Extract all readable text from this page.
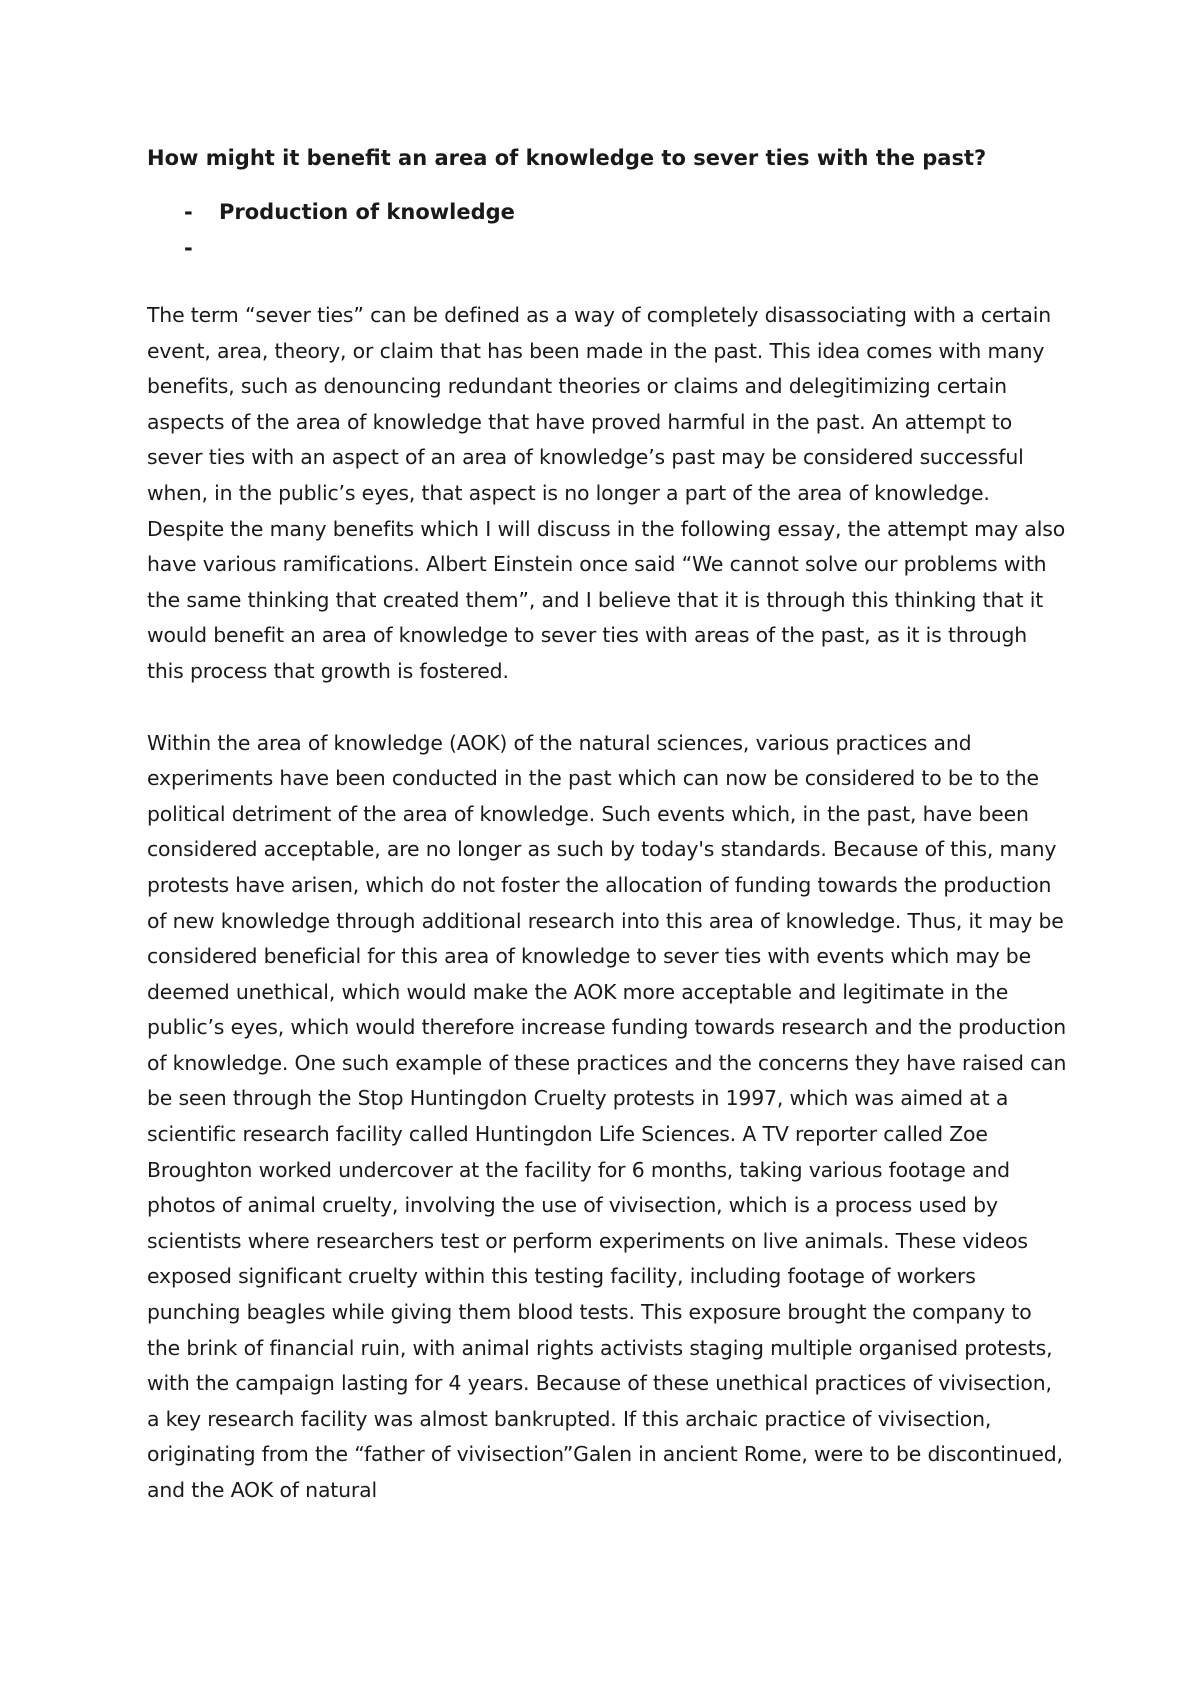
How might it benefit an area of knowledge to sever ties with the past?
- Production of knowledge
-

The term “sever ties” can be defined as a way of completely disassociating with a certain event, area, theory, or claim that has been made in the past. This idea comes with many benefits, such as denouncing redundant theories or claims and delegitimizing certain aspects of the area of knowledge that have proved harmful in the past. An attempt to sever ties with an aspect of an area of knowledge’s past may be considered successful when, in the public’s eyes, that aspect is no longer a part of the area of knowledge. Despite the many benefits which I will discuss in the following essay, the attempt may also have various ramifications. Albert Einstein once said “We cannot solve our problems with the same thinking that created them”, and I believe that it is through this thinking that it would benefit an area of knowledge to sever ties with areas of the past, as it is through this process that growth is fostered.

Within the area of knowledge (AOK) of the natural sciences, various practices and experiments have been conducted in the past which can now be considered to be to the political detriment of the area of knowledge. Such events which, in the past, have been considered acceptable, are no longer as such by today's standards. Because of this, many protests have arisen, which do not foster the allocation of funding towards the production of new knowledge through additional research into this area of knowledge. Thus, it may be considered beneficial for this area of knowledge to sever ties with events which may be deemed unethical, which would make the AOK more acceptable and legitimate in the public’s eyes, which would therefore increase funding towards research and the production of knowledge. One such example of these practices and the concerns they have raised can be seen through the Stop Huntingdon Cruelty protests in 1997, which was aimed at a scientific research facility called Huntingdon Life Sciences. A TV reporter called Zoe Broughton worked undercover at the facility for 6 months, taking various footage and photos of animal cruelty, involving the use of vivisection, which is a process used by scientists where researchers test or perform experiments on live animals. These videos exposed significant cruelty within this testing facility, including footage of workers punching beagles while giving them blood tests. This exposure brought the company to the brink of financial ruin, with animal rights activists staging multiple organised protests, with the campaign lasting for 4 years. Because of these unethical practices of vivisection, a key research facility was almost bankrupted. If this archaic practice of vivisection, originating from the “father of vivisection”Galen in ancient Rome, were to be discontinued, and the AOK of natural
